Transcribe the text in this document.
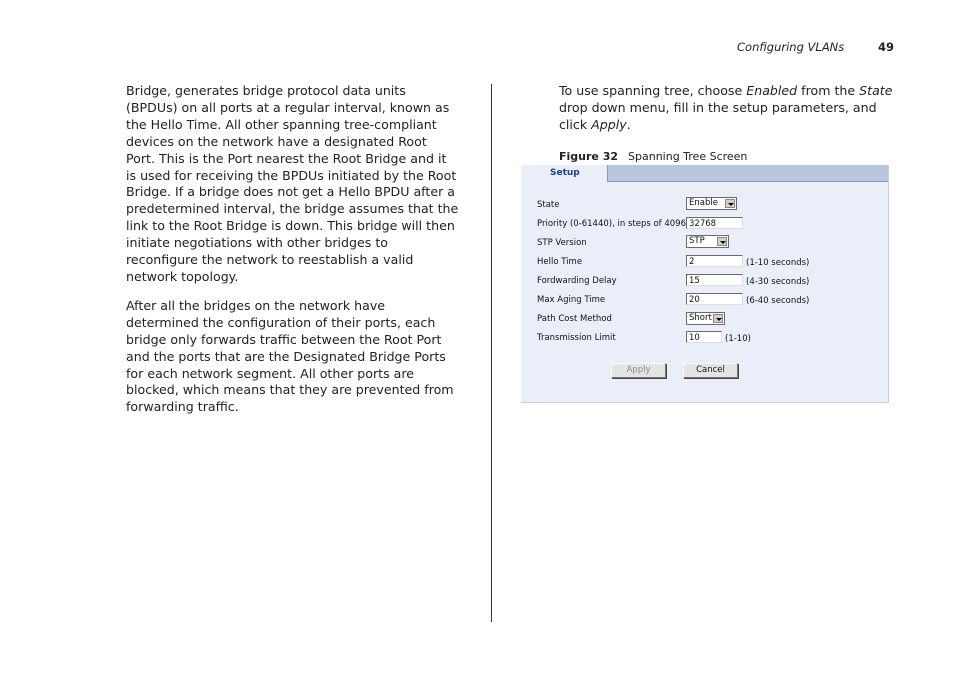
Configuring VLANs	49

Bridge, generates bridge protocol data units (BPDUs) on all ports at a regular interval, known as the Hello Time. All other spanning tree-compliant devices on the network have a designated Root Port. This is the Port nearest the Root Bridge and it is used for receiving the BPDUs initiated by the Root Bridge. If a bridge does not get a Hello BPDU after a predetermined interval, the bridge assumes that the link to the Root Bridge is down. This bridge will then initiate negotiations with other bridges to reconfigure the network to reestablish a valid network topology.

After all the bridges on the network have determined the configuration of their ports, each bridge only forwards traffic between the Root Port and the ports that are the Designated Bridge Ports for each network segment. All other ports are blocked, which means that they are prevented from forwarding traffic.

To use spanning tree, choose Enabled from the State drop down menu, fill in the setup parameters, and click Apply.

Figure 32 Spanning Tree Screen
Setup
State	Enable
Priority (0-61440), in steps of 4096 32768
STP Version	STP
Hello Time	2	(1-10 seconds)
Fordwarding Delay	15	(4-30 seconds)
Max Aging Time	20	(6-40 seconds)
Path Cost Method	Short
Transmission Limit	10	(1-10)
Apply	Cancel
